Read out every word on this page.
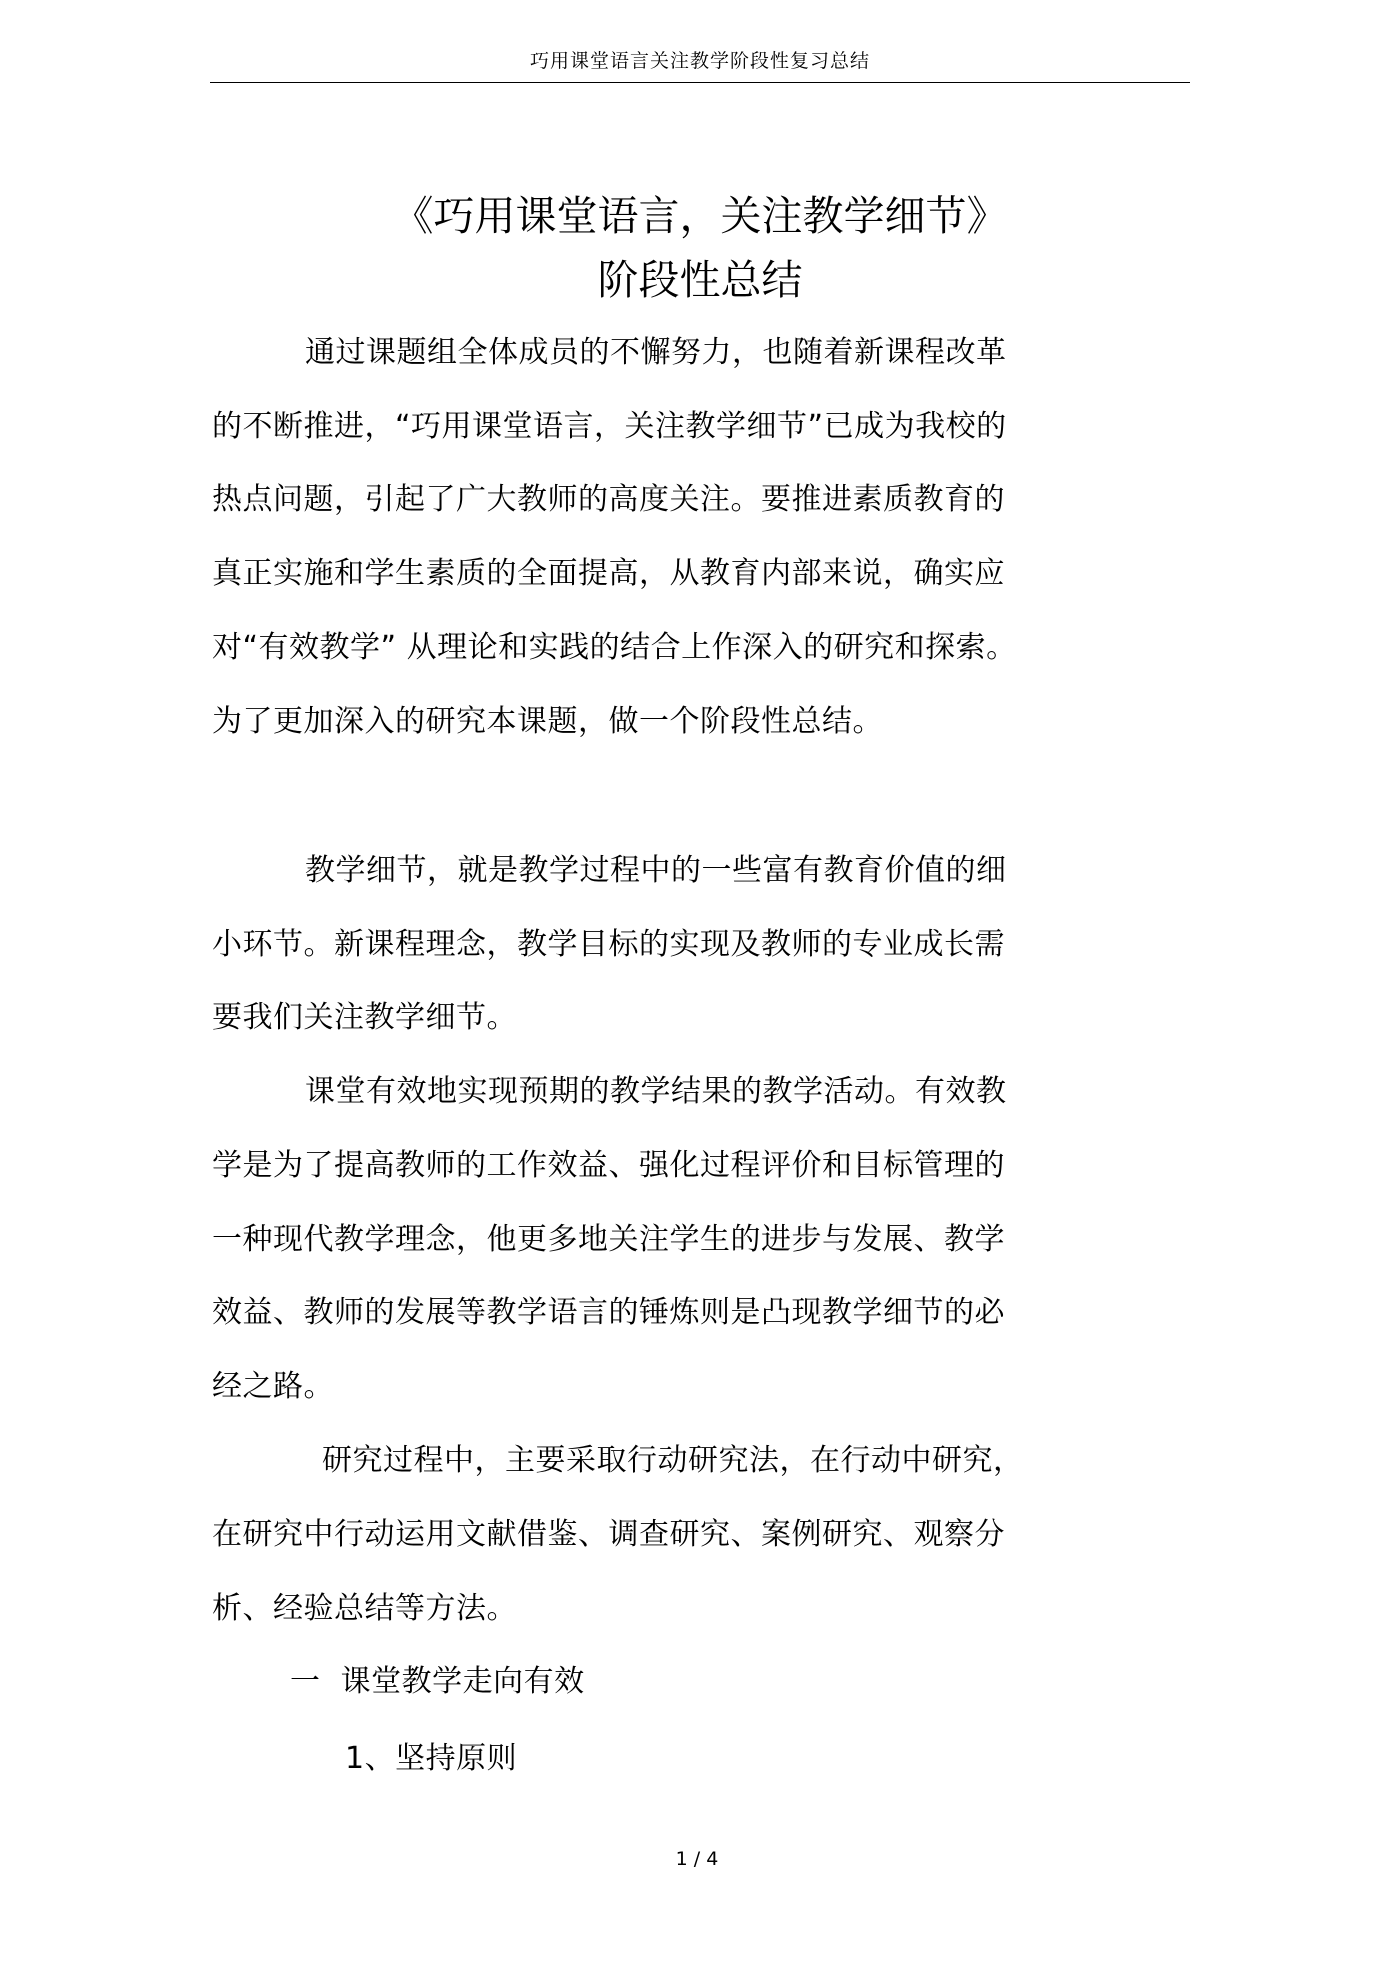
巧用课堂语言关注教学阶段性复习总结
《巧用课堂语言，关注教学细节》
阶段性总结
通过课题组全体成员的不懈努力，也随着新课程改革
的不断推进，“巧用课堂语言，关注教学细节”已成为我校的
热点问题，引起了广大教师的高度关注。要推进素质教育的
真正实施和学生素质的全面提高，从教育内部来说，确实应
对“有效教学” 从理论和实践的结合上作深入的研究和探索。
为了更加深入的研究本课题，做一个阶段性总结。
教学细节，就是教学过程中的一些富有教育价值的细
小环节。新课程理念，教学目标的实现及教师的专业成长需
要我们关注教学细节。
课堂有效地实现预期的教学结果的教学活动。有效教
学是为了提高教师的工作效益、强化过程评价和目标管理的
一种现代教学理念，他更多地关注学生的进步与发展、教学
效益、教师的发展等教学语言的锤炼则是凸现教学细节的必
经之路。
研究过程中，主要采取行动研究法，在行动中研究，
在研究中行动运用文献借鉴、调查研究、案例研究、观察分
析、经验总结等方法。
一  课堂教学走向有效
1、坚持原则
1 / 4
